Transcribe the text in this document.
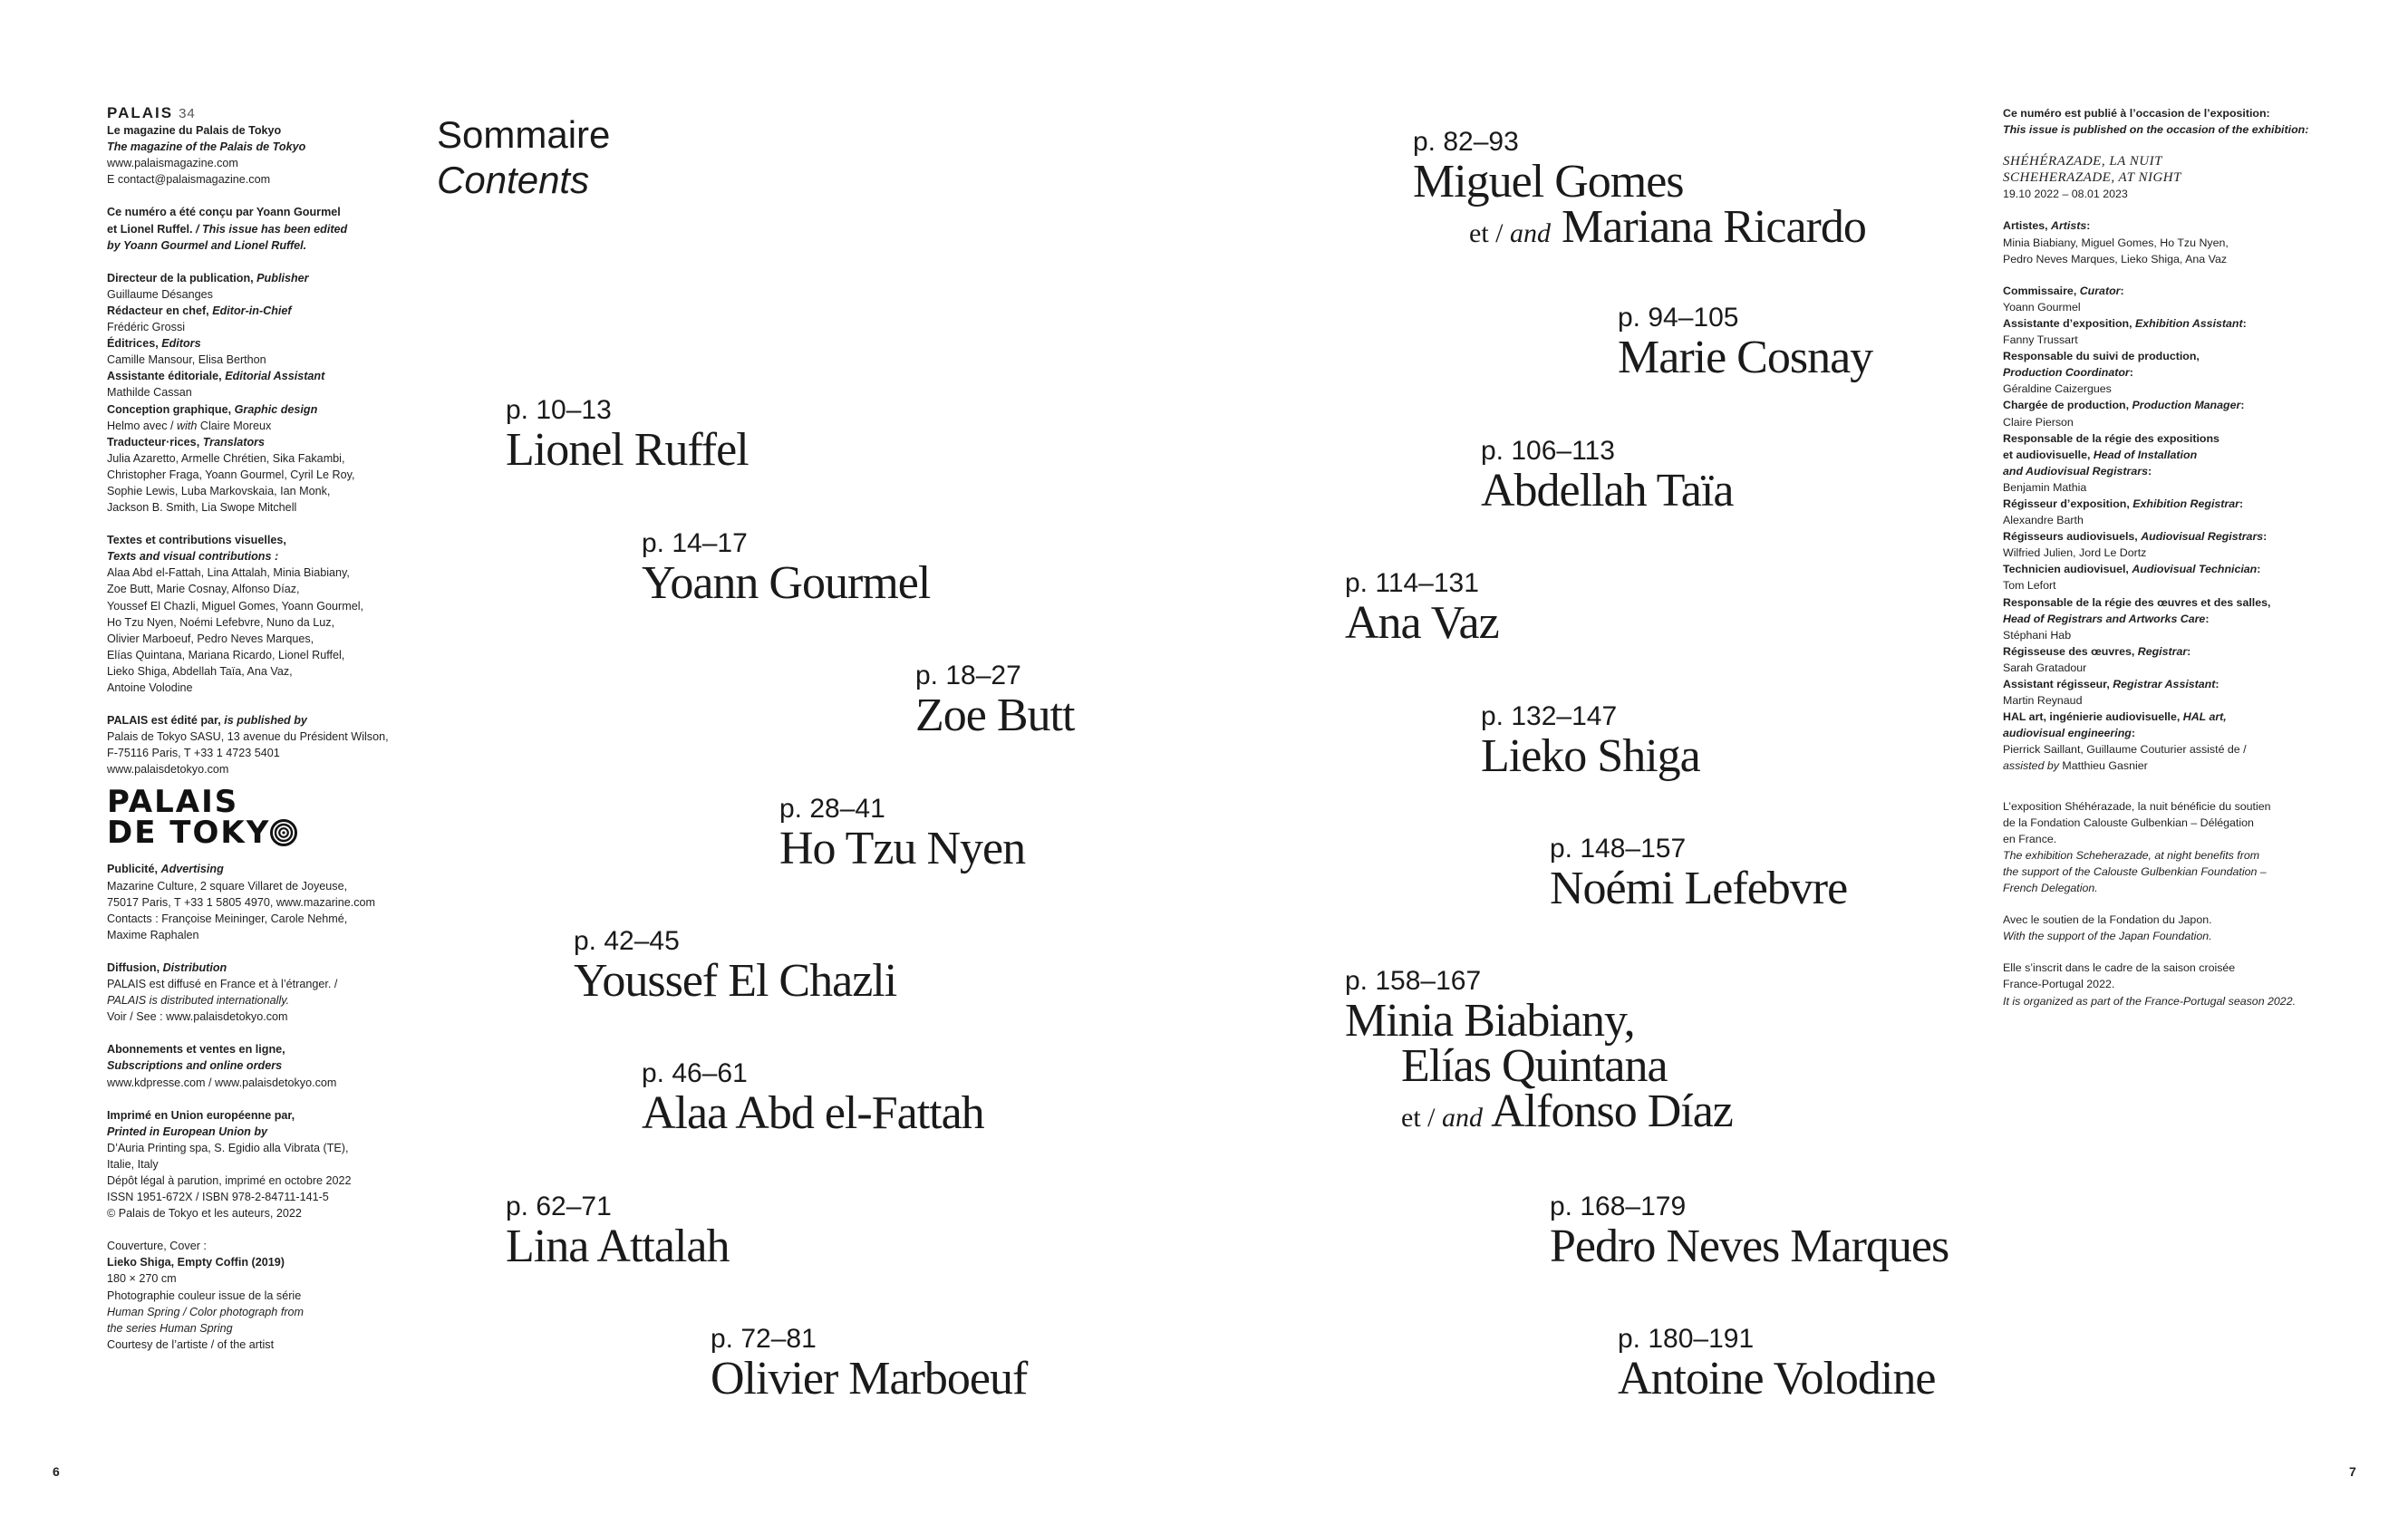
PALAIS 34
Le magazine du Palais de Tokyo
The magazine of the Palais de Tokyo
www.palaismagazine.com
E contact@palaismagazine.com
Ce numéro a été conçu par Yoann Gourmel
et Lionel Ruffel. / This issue has been edited
by Yoann Gourmel and Lionel Ruffel.
Directeur de la publication, Publisher
Guillaume Désanges
Rédacteur en chef, Editor-in-Chief
Frédéric Grossi
Éditrices, Editors
Camille Mansour, Elisa Berthon
Assistante éditoriale, Editorial Assistant
Mathilde Cassan
Conception graphique, Graphic design
Helmo avec / with Claire Moreux
Traducteur·rices, Translators
Julia Azaretto, Armelle Chrétien, Sika Fakambi,
Christopher Fraga, Yoann Gourmel, Cyril Le Roy,
Sophie Lewis, Luba Markovskaia, Ian Monk,
Jackson B. Smith, Lia Swope Mitchell
Textes et contributions visuelles,
Texts and visual contributions :
Alaa Abd el-Fattah, Lina Attalah, Minia Biabiany,
Zoe Butt, Marie Cosnay, Alfonso Díaz,
Youssef El Chazli, Miguel Gomes, Yoann Gourmel,
Ho Tzu Nyen, Noémi Lefebvre, Nuno da Luz,
Olivier Marboeuf, Pedro Neves Marques,
Elías Quintana, Mariana Ricardo, Lionel Ruffel,
Lieko Shiga, Abdellah Taïa, Ana Vaz,
Antoine Volodine
PALAIS est édité par, is published by
Palais de Tokyo SASU, 13 avenue du Président Wilson,
F-75116 Paris, T +33 1 4723 5401
www.palaisdetokyo.com
PALAIS
DE TOKY
Publicité, Advertising
Mazarine Culture, 2 square Villaret de Joyeuse,
75017 Paris, T +33 1 5805 4970, www.mazarine.com
Contacts : Françoise Meininger, Carole Nehmé,
Maxime Raphalen
Diffusion, Distribution
PALAIS est diffusé en France et à l’étranger. /
PALAIS is distributed internationally.
Voir / See : www.palaisdetokyo.com
Abonnements et ventes en ligne,
Subscriptions and online orders
www.kdpresse.com / www.palaisdetokyo.com
Imprimé en Union européenne par,
Printed in European Union by
D’Auria Printing spa, S. Egidio alla Vibrata (TE),
Italie, Italy
Dépôt légal à parution, imprimé en octobre 2022
ISSN 1951-672X / ISBN 978-2-84711-141-5
© Palais de Tokyo et les auteurs, 2022
Couverture, Cover :
Lieko Shiga, Empty Coffin (2019)
180 × 270 cm
Photographie couleur issue de la série
Human Spring / Color photograph from
the series Human Spring
Courtesy de l’artiste / of the artist
Sommaire
Contents
p. 10–13
Lionel Ruffel
p. 14–17
Yoann Gourmel
p. 18–27
Zoe Butt
p. 28–41
Ho Tzu Nyen
p. 42–45
Youssef El Chazli
p. 46–61
Alaa Abd el-Fattah
p. 62–71
Lina Attalah
p. 72–81
Olivier Marboeuf
p. 82–93
Miguel Gomes
et / and Mariana Ricardo
p. 94–105
Marie Cosnay
p. 106–113
Abdellah Taïa
p. 114–131
Ana Vaz
p. 132–147
Lieko Shiga
p. 148–157
Noémi Lefebvre
p. 158–167
Minia Biabiany,
Elías Quintana
et / and Alfonso Díaz
p. 168–179
Pedro Neves Marques
p. 180–191
Antoine Volodine
Ce numéro est publié à l’occasion de l’exposition:
This issue is published on the occasion of the exhibition:
SHÉHÉRAZADE, LA NUIT
SCHEHERAZADE, AT NIGHT
19.10 2022 – 08.01 2023
Artistes, Artists:
Minia Biabiany, Miguel Gomes, Ho Tzu Nyen,
Pedro Neves Marques, Lieko Shiga, Ana Vaz
Commissaire, Curator:
Yoann Gourmel
Assistante d’exposition, Exhibition Assistant:
Fanny Trussart
Responsable du suivi de production,
Production Coordinator:
Géraldine Caizergues
Chargée de production, Production Manager:
Claire Pierson
Responsable de la régie des expositions
et audiovisuelle, Head of Installation
and Audiovisual Registrars:
Benjamin Mathia
Régisseur d’exposition, Exhibition Registrar:
Alexandre Barth
Régisseurs audiovisuels, Audiovisual Registrars:
Wilfried Julien, Jord Le Dortz
Technicien audiovisuel, Audiovisual Technician:
Tom Lefort
Responsable de la régie des œuvres et des salles,
Head of Registrars and Artworks Care:
Stéphani Hab
Régisseuse des œuvres, Registrar:
Sarah Gratadour
Assistant régisseur, Registrar Assistant:
Martin Reynaud
HAL art, ingénierie audiovisuelle, HAL art,
audiovisual engineering:
Pierrick Saillant, Guillaume Couturier assisté de /
assisted by Matthieu Gasnier
L’exposition Shéhérazade, la nuit bénéficie du soutien
de la Fondation Calouste Gulbenkian – Délégation
en France.
The exhibition Scheherazade, at night benefits from
the support of the Calouste Gulbenkian Foundation –
French Delegation.
Avec le soutien de la Fondation du Japon.
With the support of the Japan Foundation.
Elle s’inscrit dans le cadre de la saison croisée
France-Portugal 2022.
It is organized as part of the France-Portugal season 2022.
6	7
